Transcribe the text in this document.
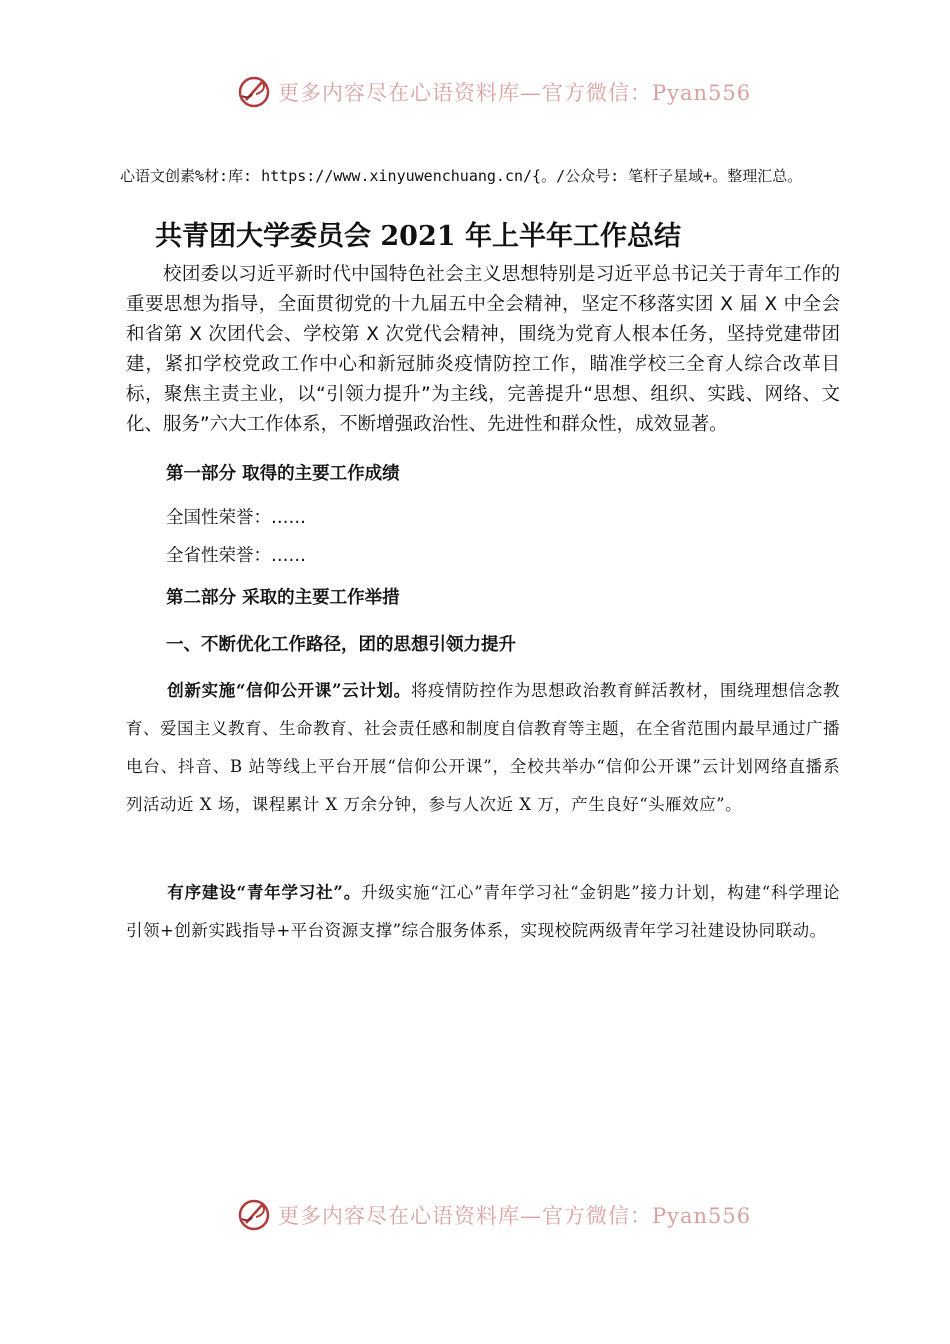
更多内容尽在心语资料库—官方微信：Pyan556
心语文创素%材:库: https://www.xinyuwenchuang.cn/{。/公众号: 笔杆子星域+。整理汇总。
共青团大学委员会 2021 年上半年工作总结

校团委以习近平新时代中国特色社会主义思想特别是习近平总书记关于青年工作的重要思想为指导，全面贯彻党的十九届五中全会精神，坚定不移落实团 X 届 X 中全会和省第 X 次团代会、学校第 X 次党代会精神，围绕为党育人根本任务，坚持党建带团建，紧扣学校党政工作中心和新冠肺炎疫情防控工作，瞄准学校三全育人综合改革目标，聚焦主责主业，以“引领力提升”为主线，完善提升“思想、组织、实践、网络、文化、服务”六大工作体系，不断增强政治性、先进性和群众性，成效显著。

第一部分 取得的主要工作成绩
全国性荣誉：……
全省性荣誉：……
第二部分 采取的主要工作举措
一、不断优化工作路径，团的思想引领力提升

创新实施“信仰公开课”云计划。将疫情防控作为思想政治教育鲜活教材，围绕理想信念教育、爱国主义教育、生命教育、社会责任感和制度自信教育等主题，在全省范围内最早通过广播电台、抖音、B 站等线上平台开展“信仰公开课”，全校共举办“信仰公开课”云计划网络直播系列活动近 X 场，课程累计 X 万余分钟，参与人次近 X 万，产生良好“头雁效应”。

有序建设“青年学习社”。升级实施“江心”青年学习社“金钥匙”接力计划，构建“科学理论引领+创新实践指导+平台资源支撑”综合服务体系，实现校院两级青年学习社建设协同联动。

更多内容尽在心语资料库—官方微信：Pyan556
